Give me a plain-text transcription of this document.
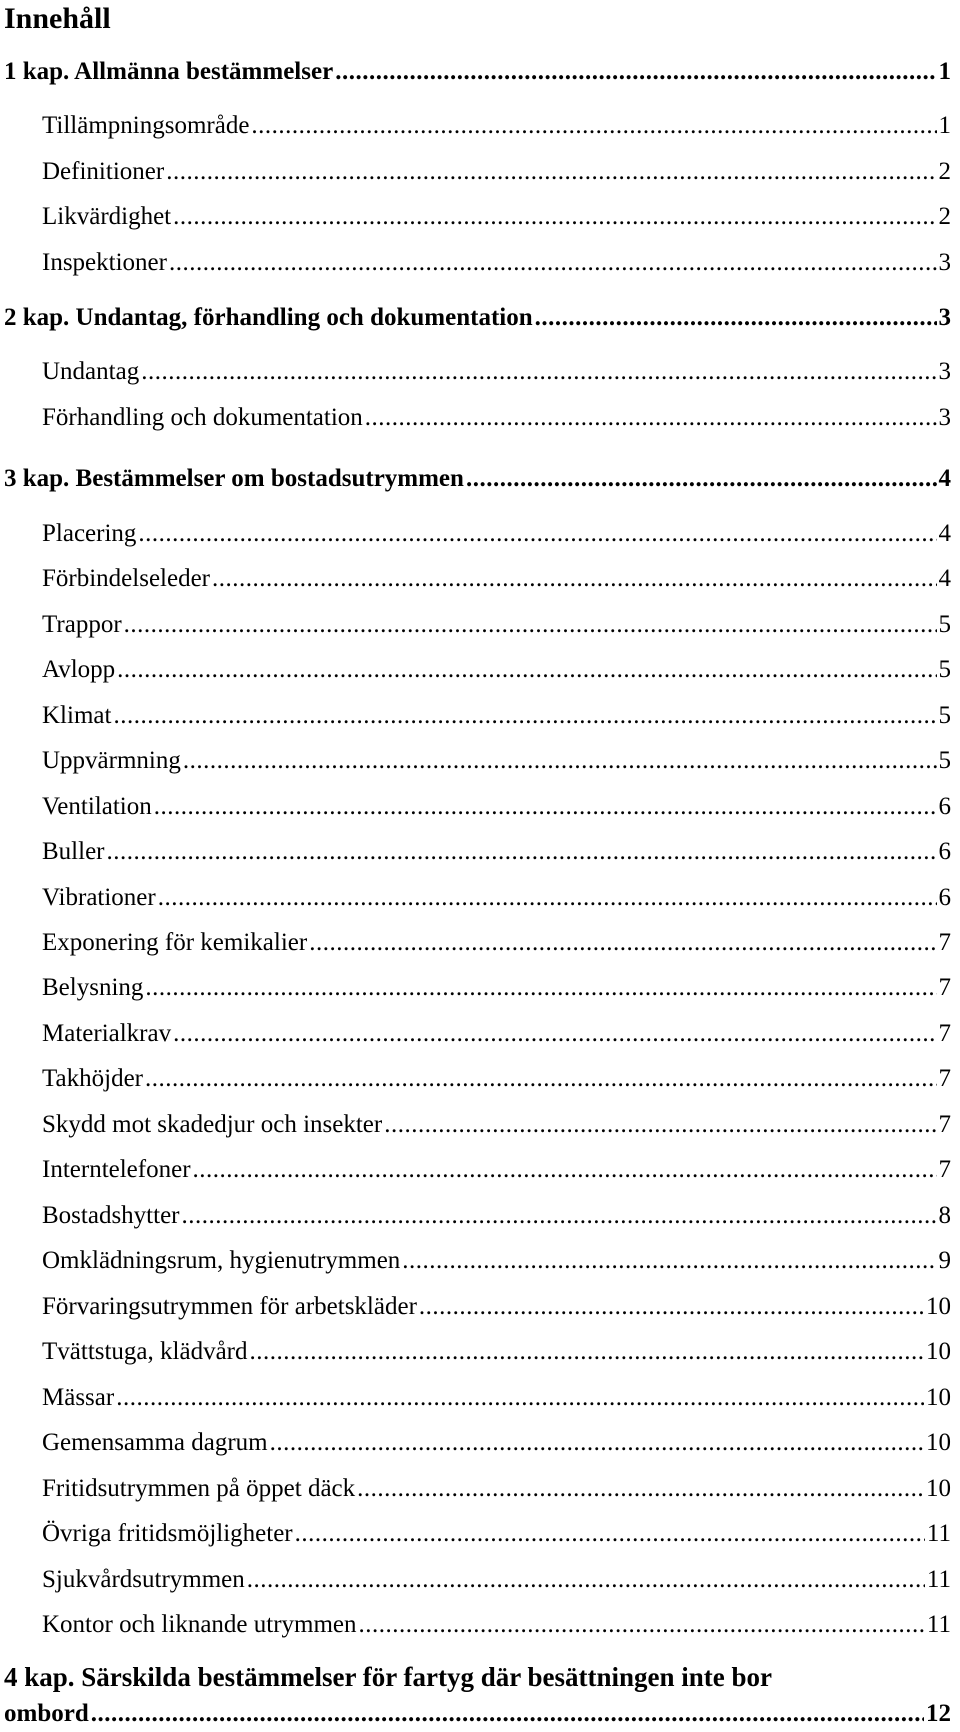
Innehåll
1 kap. Allmänna bestämmelser .....	1
Tillämpningsområde .....	1
Definitioner .....	2
Likvärdighet .....	2
Inspektioner .....	3
2 kap. Undantag, förhandling och dokumentation .....	3
Undantag .....	3
Förhandling och dokumentation .....	3
3 kap. Bestämmelser om bostadsutrymmen .....	4
Placering .....	4
Förbindelseleder .....	4
Trappor .....	5
Avlopp .....	5
Klimat .....	5
Uppvärmning .....	5
Ventilation .....	6
Buller .....	6
Vibrationer .....	6
Exponering för kemikalier .....	7
Belysning .....	7
Materialkrav .....	7
Takhöjder .....	7
Skydd mot skadedjur och insekter .....	7
Interntelefoner .....	7
Bostadshytter .....	8
Omklädningsrum, hygienutrymmen .....	9
Förvaringsutrymmen för arbetskläder .....	10
Tvättstuga, klädvård .....	10
Mässar .....	10
Gemensamma dagrum .....	10
Fritidsutrymmen på öppet däck .....	10
Övriga fritidsmöjligheter .....	11
Sjukvårdsutrymmen .....	11
Kontor och liknande utrymmen .....	11
4 kap. Särskilda bestämmelser för fartyg där besättningen inte bor
ombord .....	12
